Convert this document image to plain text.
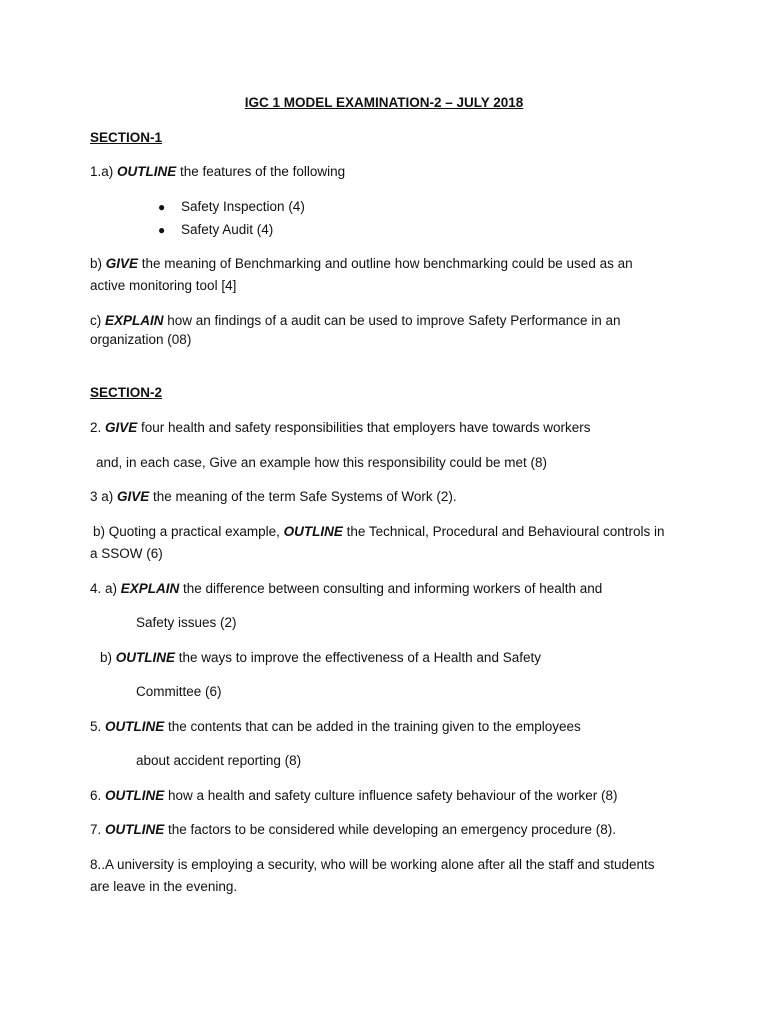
IGC 1 MODEL EXAMINATION-2 – JULY 2018
SECTION-1
1.a) OUTLINE the features of the following
● Safety Inspection (4)
● Safety Audit (4)
b) GIVE the meaning of Benchmarking and outline how benchmarking could be used as an
active monitoring tool [4]
c) EXPLAIN how an findings of a audit can be used to improve Safety Performance in an
organization (08)
SECTION-2
2. GIVE four health and safety responsibilities that employers have towards workers
and, in each case, Give an example how this responsibility could be met (8)
3 a) GIVE the meaning of the term Safe Systems of Work (2).
b) Quoting a practical example, OUTLINE the Technical, Procedural and Behavioural controls in
a SSOW (6)
4. a) EXPLAIN the difference between consulting and informing workers of health and
Safety issues (2)
b) OUTLINE the ways to improve the effectiveness of a Health and Safety
Committee (6)
5. OUTLINE the contents that can be added in the training given to the employees
about accident reporting (8)
6. OUTLINE how a health and safety culture influence safety behaviour of the worker (8)
7. OUTLINE the factors to be considered while developing an emergency procedure (8).
8..A university is employing a security, who will be working alone after all the staff and students
are leave in the evening.
